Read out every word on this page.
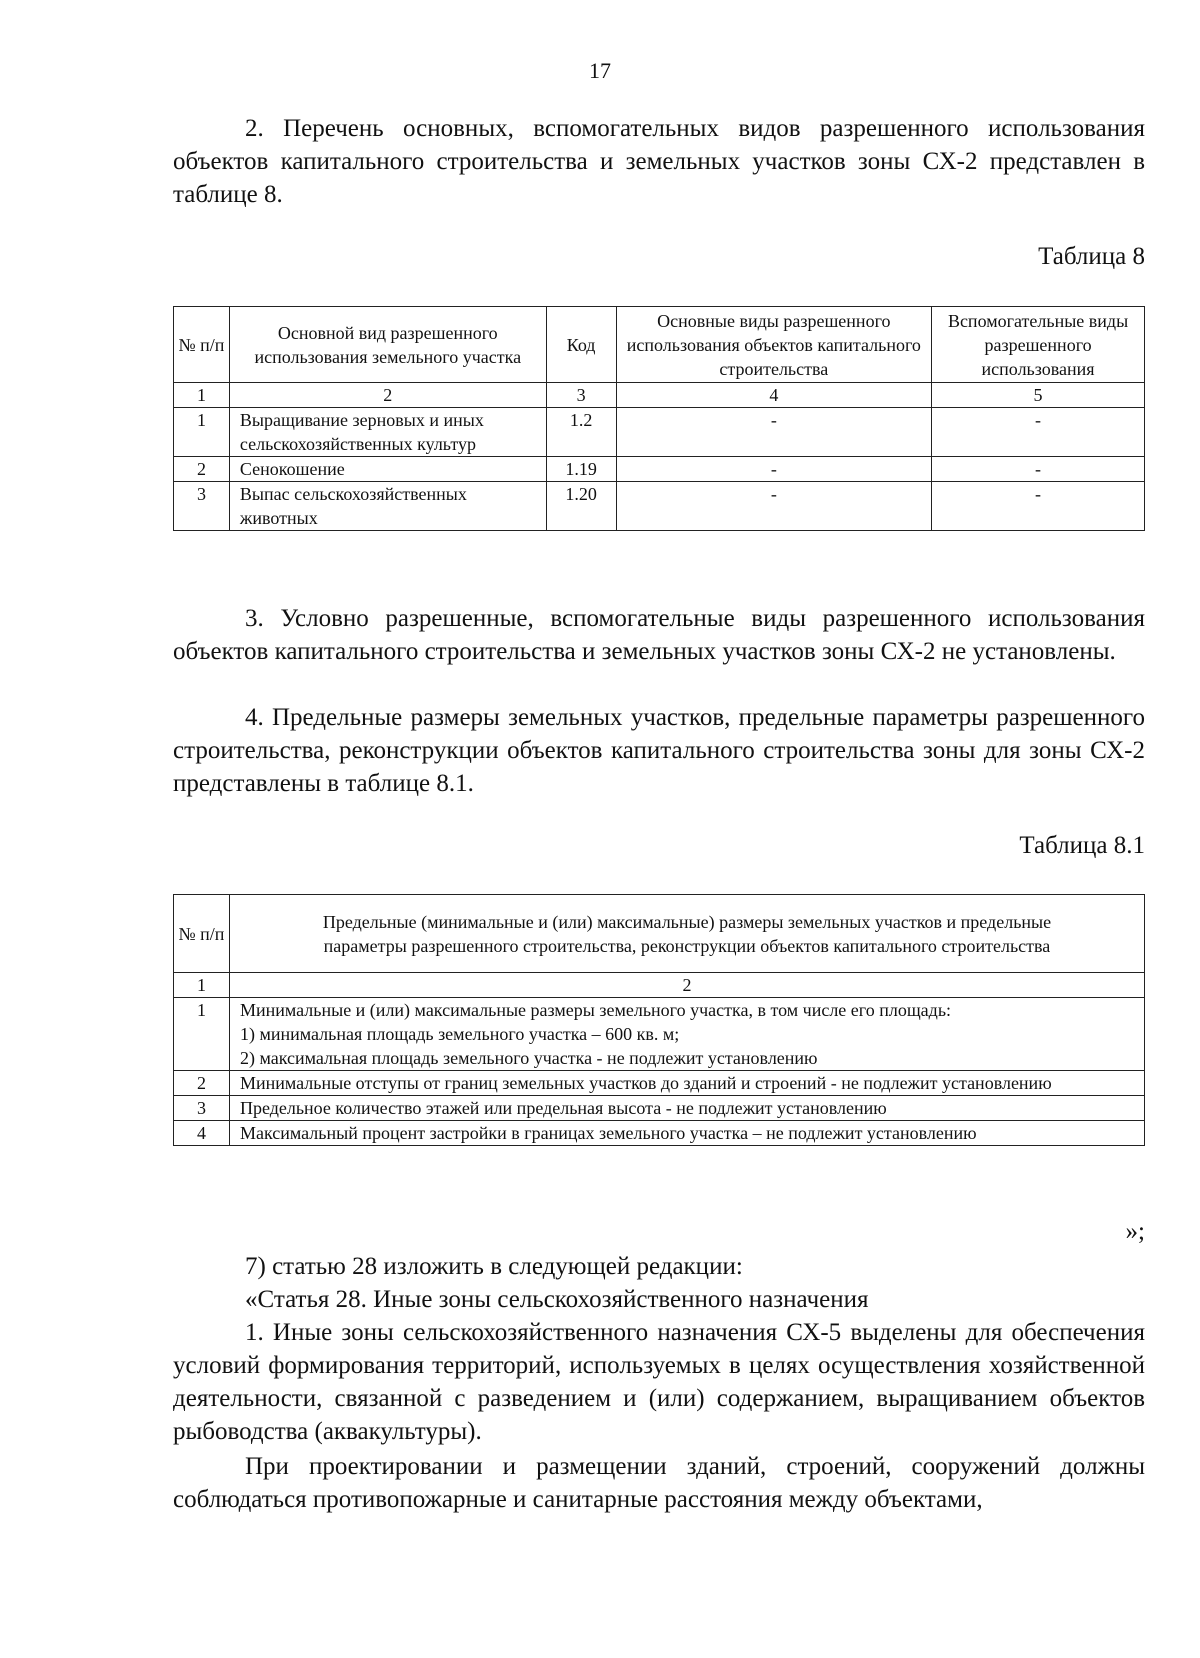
17

2. Перечень основных, вспомогательных видов разрешенного использования объектов капитального строительства и земельных участков зоны СХ-2 представлен в таблице 8.

Таблица 8
№ п/п	Основной вид разрешенного использования земельного участка	Код	Основные виды разрешенного использования объектов капитального строительства	Вспомогательные виды разрешенного использования
1	2	3	4	5
1	Выращивание зерновых и иных сельскохозяйственных культур	1.2	-	-
2	Сенокошение	1.19	-	-
3	Выпас сельскохозяйственных животных	1.20	-	-

3. Условно разрешенные, вспомогательные виды разрешенного использования объектов капитального строительства и земельных участков зоны СХ-2 не установлены.

4. Предельные размеры земельных участков, предельные параметры разрешенного строительства, реконструкции объектов капитального строительства зоны для зоны СХ-2 представлены в таблице 8.1.

Таблица 8.1
№ п/п	Предельные (минимальные и (или) максимальные) размеры земельных участков и предельные параметры разрешенного строительства, реконструкции объектов капитального строительства
1	2
1	Минимальные и (или) максимальные размеры земельного участка, в том числе его площадь:
1) минимальная площадь земельного участка – 600 кв. м;
2) максимальная площадь земельного участка - не подлежит установлению

2	Минимальные отступы от границ земельных участков до зданий и строений - не подлежит установлению
3	Предельное количество этажей или предельная высота - не подлежит установлению
4	Максимальный процент застройки в границах земельного участка – не подлежит установлению
»;

7) статью 28 изложить в следующей редакции:

«Статья 28. Иные зоны сельскохозяйственного назначения

1. Иные зоны сельскохозяйственного назначения СХ-5 выделены для обеспечения условий формирования территорий, используемых в целях осуществления хозяйственной деятельности, связанной с разведением и (или) содержанием, выращиванием объектов рыбоводства (аквакультуры).

При проектировании и размещении зданий, строений, сооружений должны соблюдаться противопожарные и санитарные расстояния между объектами,
